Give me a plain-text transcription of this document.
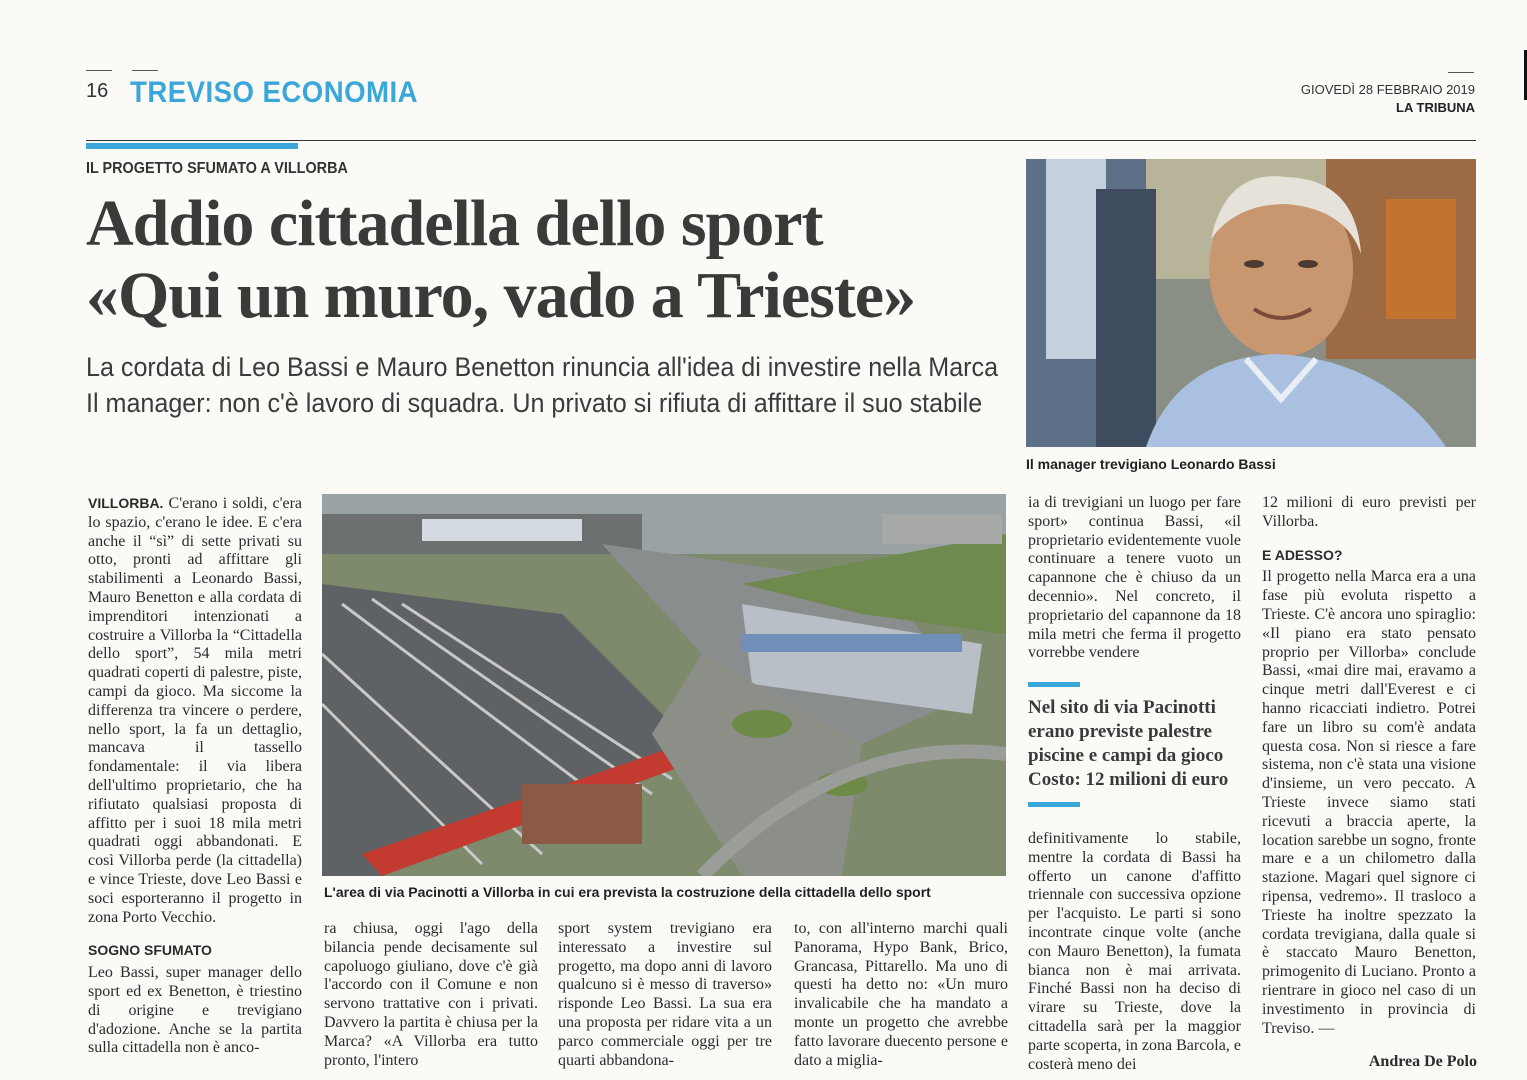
16 TREVISO ECONOMIA	GIOVEDÌ 28 FEBBRAIO 2019
LA TRIBUNA
IL PROGETTO SFUMATO A VILLORBA
Addio cittadella dello sport
«Qui un muro, vado a Trieste»
La cordata di Leo Bassi e Mauro Benetton rinuncia all'idea di investire nella Marca
Il manager: non c'è lavoro di squadra. Un privato si rifiuta di affittare il suo stabile
Il manager trevigiano Leonardo Bassi
L'area di via Pacinotti a Villorba in cui era prevista la costruzione della cittadella dello sport

VILLORBA. C'erano i soldi, c'era lo spazio, c'erano le idee. E c'era anche il “sì” di sette privati su otto, pronti ad affittare gli stabilimenti a Leonardo Bassi, Mauro Benetton e alla cordata di imprenditori intenzionati a costruire a Villorba la “Cittadella dello sport”, 54 mila metri quadrati coperti di palestre, piste, campi da gioco. Ma siccome la differenza tra vincere o perdere, nello sport, la fa un dettaglio, mancava il tassello fondamentale: il via libera dell'ultimo proprietario, che ha rifiutato qualsiasi proposta di affitto per i suoi 18 mila metri quadrati oggi abbandonati. E così Villorba perde (la cittadella) e vince Trieste, dove Leo Bassi e soci esporteranno il progetto in zona Porto Vecchio.

SOGNO SFUMATO

Leo Bassi, super manager dello sport ed ex Benetton, è triestino di origine e trevigiano d'adozione. Anche se la partita sulla cittadella non è anco-

ra chiusa, oggi l'ago della bilancia pende decisamente sul capoluogo giuliano, dove c'è già l'accordo con il Comune e non servono trattative con i privati. Davvero la partita è chiusa per la Marca? «A Villorba era tutto pronto, l'intero

sport system trevigiano era interessato a investire sul progetto, ma dopo anni di lavoro qualcuno si è messo di traverso» risponde Leo Bassi. La sua era una proposta per ridare vita a un parco commerciale oggi per tre quarti abbandona-

to, con all'interno marchi quali Panorama, Hypo Bank, Brico, Grancasa, Pittarello. Ma uno di questi ha detto no: «Un muro invalicabile che ha mandato a monte un progetto che avrebbe fatto lavorare duecento persone e dato a miglia-

ia di trevigiani un luogo per fare sport» continua Bassi, «il proprietario evidentemente vuole continuare a tenere vuoto un capannone che è chiuso da un decennio». Nel concreto, il proprietario del capannone da 18 mila metri che ferma il progetto vorrebbe vendere

Nel sito di via Pacinotti erano previste palestre piscine e campi da gioco Costo: 12 milioni di euro

definitivamente lo stabile, mentre la cordata di Bassi ha offerto un canone d'affitto triennale con successiva opzione per l'acquisto. Le parti si sono incontrate cinque volte (anche con Mauro Benetton), la fumata bianca non è mai arrivata. Finché Bassi non ha deciso di virare su Trieste, dove la cittadella sarà per la maggior parte scoperta, in zona Barcola, e costerà meno dei

12 milioni di euro previsti per Villorba.

E ADESSO?

Il progetto nella Marca era a una fase più evoluta rispetto a Trieste. C'è ancora uno spiraglio: «Il piano era stato pensato proprio per Villorba» conclude Bassi, «mai dire mai, eravamo a cinque metri dall'Everest e ci hanno ricacciati indietro. Potrei fare un libro su com'è andata questa cosa. Non si riesce a fare sistema, non c'è stata una visione d'insieme, un vero peccato. A Trieste invece siamo stati ricevuti a braccia aperte, la location sarebbe un sogno, fronte mare e a un chilometro dalla stazione. Magari quel signore ci ripensa, vedremo». Il trasloco a Trieste ha inoltre spezzato la cordata trevigiana, dalla quale si è staccato Mauro Benetton, primogenito di Luciano. Pronto a rientrare in gioco nel caso di un investimento in provincia di Treviso. —

Andrea De Polo
